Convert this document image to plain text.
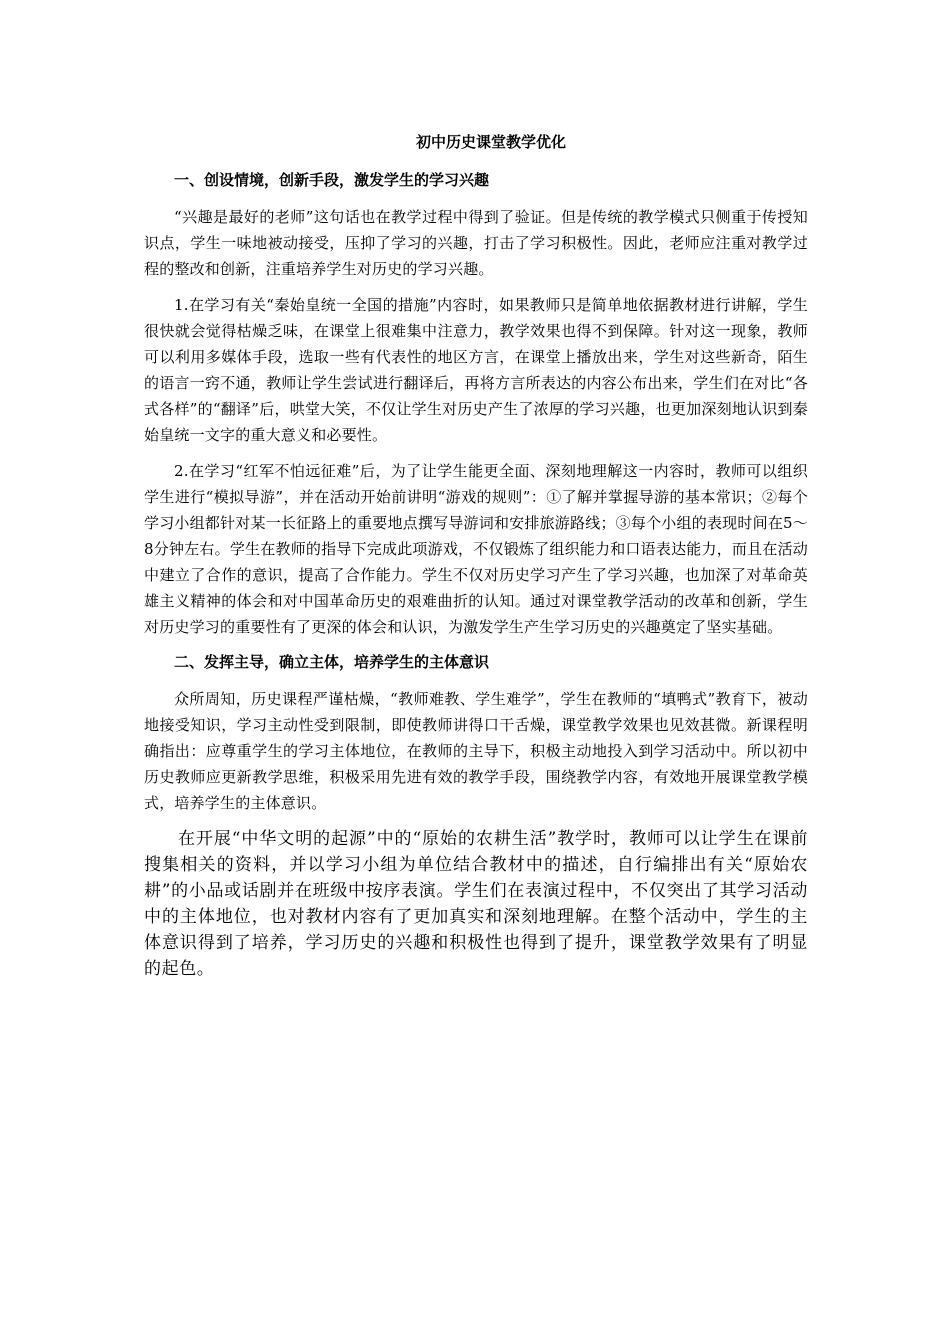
初中历史课堂教学优化
一、创设情境，创新手段，激发学生的学习兴趣

“兴趣是最好的老师”这句话也在教学过程中得到了验证。但是传统的教学模式只侧重于传授知识点，学生一味地被动接受，压抑了学习的兴趣，打击了学习积极性。因此，老师应注重对教学过程的整改和创新，注重培养学生对历史的学习兴趣。

1.在学习有关“秦始皇统一全国的措施”内容时，如果教师只是简单地依据教材进行讲解，学生很快就会觉得枯燥乏味，在课堂上很难集中注意力，教学效果也得不到保障。针对这一现象，教师可以利用多媒体手段，选取一些有代表性的地区方言，在课堂上播放出来，学生对这些新奇，陌生的语言一窍不通，教师让学生尝试进行翻译后，再将方言所表达的内容公布出来，学生们在对比“各式各样”的“翻译”后，哄堂大笑，不仅让学生对历史产生了浓厚的学习兴趣，也更加深刻地认识到秦始皇统一文字的重大意义和必要性。

2.在学习“红军不怕远征难”后，为了让学生能更全面、深刻地理解这一内容时，教师可以组织学生进行“模拟导游”，并在活动开始前讲明“游戏的规则”：①了解并掌握导游的基本常识；②每个学习小组都针对某一长征路上的重要地点撰写导游词和安排旅游路线；③每个小组的表现时间在5～8分钟左右。学生在教师的指导下完成此项游戏，不仅锻炼了组织能力和口语表达能力，而且在活动中建立了合作的意识，提高了合作能力。学生不仅对历史学习产生了学习兴趣，也加深了对革命英雄主义精神的体会和对中国革命历史的艰难曲折的认知。通过对课堂教学活动的改革和创新，学生对历史学习的重要性有了更深的体会和认识，为激发学生产生学习历史的兴趣奠定了坚实基础。

二、发挥主导，确立主体，培养学生的主体意识

众所周知，历史课程严谨枯燥，“教师难教、学生难学”，学生在教师的“填鸭式”教育下，被动地接受知识，学习主动性受到限制，即使教师讲得口干舌燥，课堂教学效果也见效甚微。新课程明确指出：应尊重学生的学习主体地位，在教师的主导下，积极主动地投入到学习活动中。所以初中历史教师应更新教学思维，积极采用先进有效的教学手段，围绕教学内容，有效地开展课堂教学模式，培养学生的主体意识。

在开展“中华文明的起源”中的“原始的农耕生活”教学时，教师可以让学生在课前搜集相关的资料，并以学习小组为单位结合教材中的描述，自行编排出有关“原始农耕”的小品或话剧并在班级中按序表演。学生们在表演过程中，不仅突出了其学习活动中的主体地位，也对教材内容有了更加真实和深刻地理解。在整个活动中，学生的主体意识得到了培养，学习历史的兴趣和积极性也得到了提升，课堂教学效果有了明显的起色。
